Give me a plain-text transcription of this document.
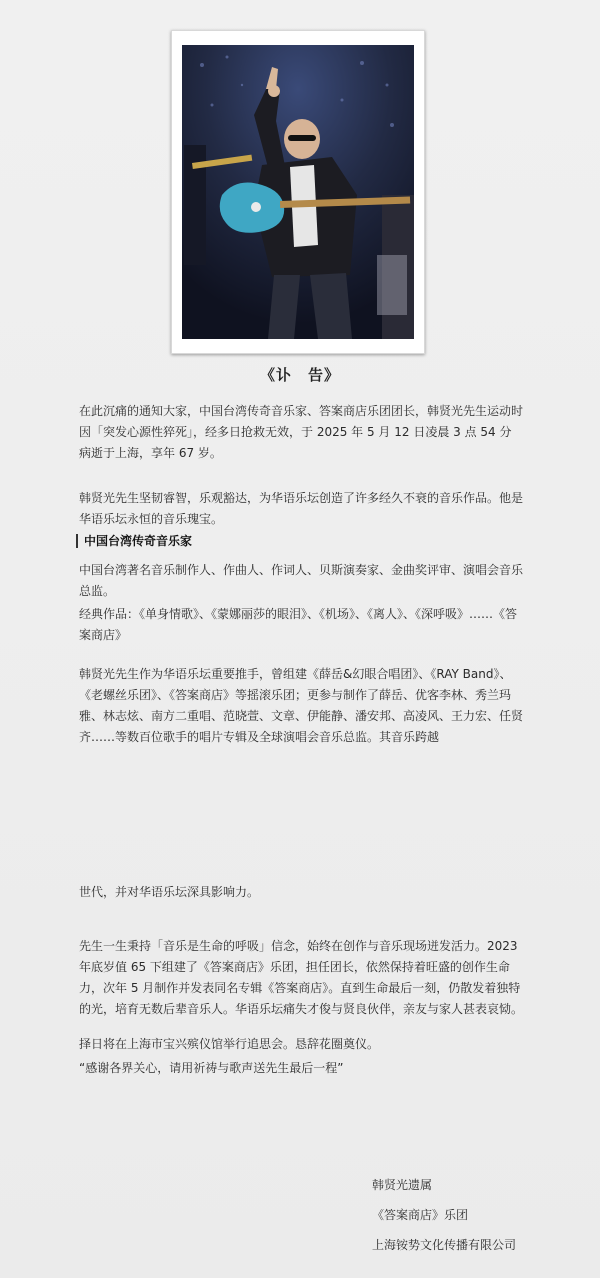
《讣　告》

在此沉痛的通知大家，中国台湾传奇音乐家、答案商店乐团团长，韩贤光先生运动时因「突发心源性猝死」，经多日抢救无效，于 2025 年 5 月 12 日凌晨 3 点 54 分病逝于上海，享年 67 岁。

韩贤光先生坚韧睿智，乐观豁达，为华语乐坛创造了许多经久不衰的音乐作品。他是华语乐坛永恒的音乐瑰宝。

中国台湾传奇音乐家

中国台湾著名音乐制作人、作曲人、作词人、贝斯演奏家、金曲奖评审、演唱会音乐总监。

经典作品：《单身情歌》、《蒙娜丽莎的眼泪》、《机场》、《离人》、《深呼吸》……《答案商店》

韩贤光先生作为华语乐坛重要推手，曾组建《薛岳&幻眼合唱团》、《RAY Band》、《老螺丝乐团》、《答案商店》等摇滚乐团；更参与制作了薛岳、优客李林、秀兰玛雅、林志炫、南方二重唱、范晓萱、文章、伊能静、潘安邦、高凌风、王力宏、任贤齐……等数百位歌手的唱片专辑及全球演唱会音乐总监。其音乐跨越

世代，并对华语乐坛深具影响力。

先生一生秉持「音乐是生命的呼吸」信念，始终在创作与音乐现场迸发活力。2023 年底岁值 65 下组建了《答案商店》乐团，担任团长，依然保持着旺盛的创作生命力，次年 5 月制作并发表同名专辑《答案商店》。直到生命最后一刻，仍散发着独特的光，培育无数后辈音乐人。华语乐坛痛失才俊与贤良伙伴，亲友与家人甚表哀恸。

择日将在上海市宝兴殡仪馆举行追思会。恳辞花圈奠仪。

“感谢各界关心，请用祈祷与歌声送先生最后一程”

韩贤光遗属
《答案商店》乐团
上海铵势文化传播有限公司
